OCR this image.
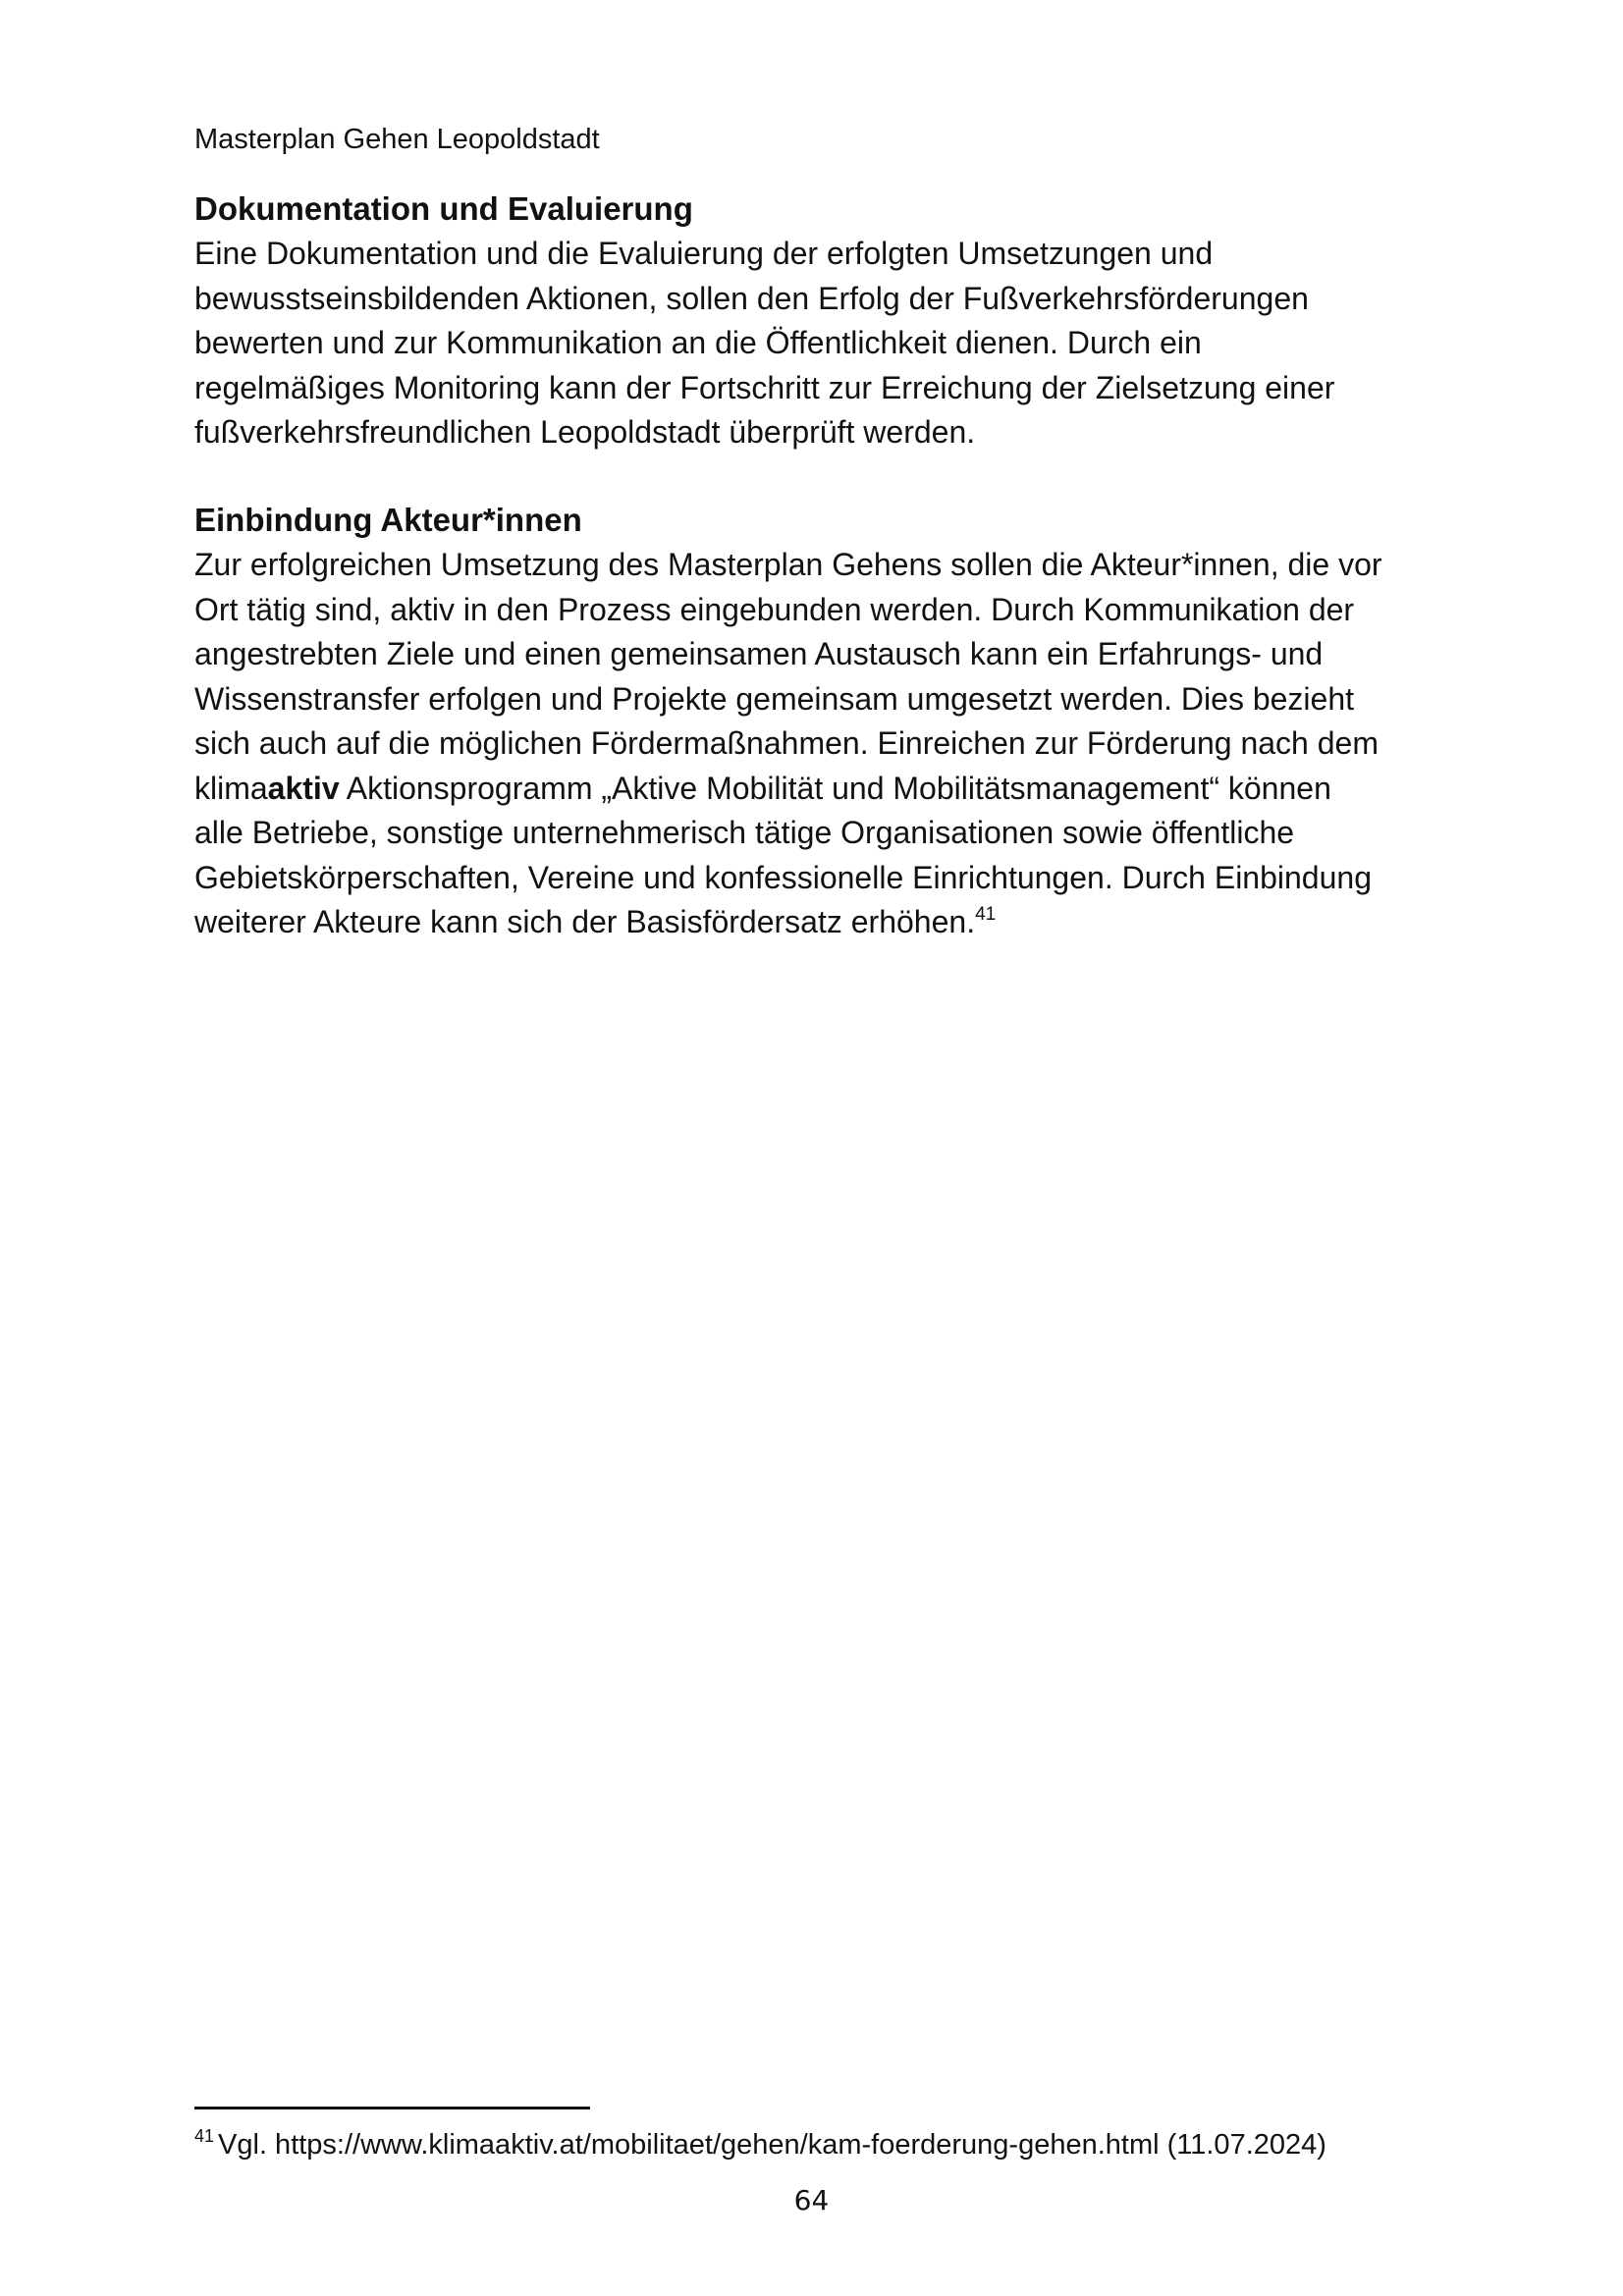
Masterplan Gehen Leopoldstadt
Dokumentation und Evaluierung

Eine Dokumentation und die Evaluierung der erfolgten Umsetzungen und
bewusstseinsbildenden Aktionen, sollen den Erfolg der Fußverkehrsförderungen
bewerten und zur Kommunikation an die Öffentlichkeit dienen. Durch ein
regelmäßiges Monitoring kann der Fortschritt zur Erreichung der Zielsetzung einer
fußverkehrsfreundlichen Leopoldstadt überprüft werden.

Einbindung Akteur*innen

Zur erfolgreichen Umsetzung des Masterplan Gehens sollen die Akteur*innen, die vor
Ort tätig sind, aktiv in den Prozess eingebunden werden. Durch Kommunikation der
angestrebten Ziele und einen gemeinsamen Austausch kann ein Erfahrungs- und
Wissenstransfer erfolgen und Projekte gemeinsam umgesetzt werden. Dies bezieht
sich auch auf die möglichen Fördermaßnahmen. Einreichen zur Förderung nach dem
klimaaktiv Aktionsprogramm „Aktive Mobilität und Mobilitätsmanagement“ können
alle Betriebe, sonstige unternehmerisch tätige Organisationen sowie öffentliche
Gebietskörperschaften, Vereine und konfessionelle Einrichtungen. Durch Einbindung
weiterer Akteure kann sich der Basisfördersatz erhöhen.$^{41}$

$^{41}$ Vgl. https://www.klimaaktiv.at/mobilitaet/gehen/kam-foerderung-gehen.html (11.07.2024)
64
